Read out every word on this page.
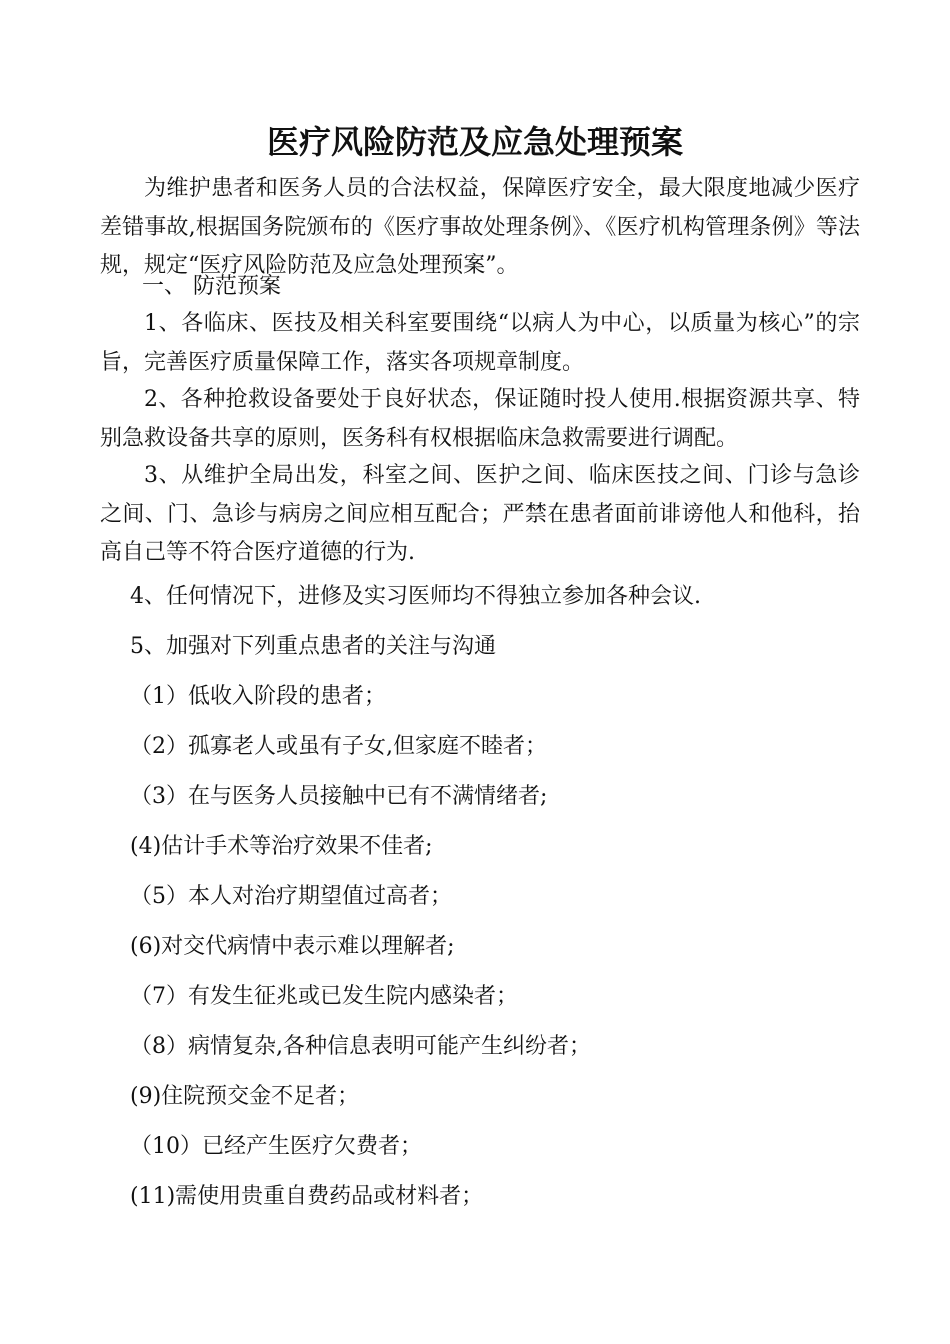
医疗风险防范及应急处理预案
为维护患者和医务人员的合法权益，保障医疗安全，最大限度地减少医疗差错事故,根据国务院颁布的《医疗事故处理条例》、《医疗机构管理条例》等法规，规定“医疗风险防范及应急处理预案”。
一、 防范预案
1、各临床、医技及相关科室要围绕“以病人为中心，以质量为核心”的宗旨，完善医疗质量保障工作，落实各项规章制度。
2、各种抢救设备要处于良好状态，保证随时投人使用.根据资源共享、特别急救设备共享的原则，医务科有权根据临床急救需要进行调配。
3、从维护全局出发，科室之间、医护之间、临床医技之间、门诊与急诊之间、门、急诊与病房之间应相互配合；严禁在患者面前诽谤他人和他科，抬高自己等不符合医疗道德的行为.
4、任何情况下，进修及实习医师均不得独立参加各种会议.
5、加强对下列重点患者的关注与沟通
（1）低收入阶段的患者；
（2）孤寡老人或虽有子女,但家庭不睦者；
（3）在与医务人员接触中已有不满情绪者;
(4)估计手术等治疗效果不佳者;
（5）本人对治疗期望值过高者；
(6)对交代病情中表示难以理解者;
（7）有发生征兆或已发生院内感染者；
（8）病情复杂,各种信息表明可能产生纠纷者；
(9)住院预交金不足者；
（10）已经产生医疗欠费者；
(11)需使用贵重自费药品或材料者；
